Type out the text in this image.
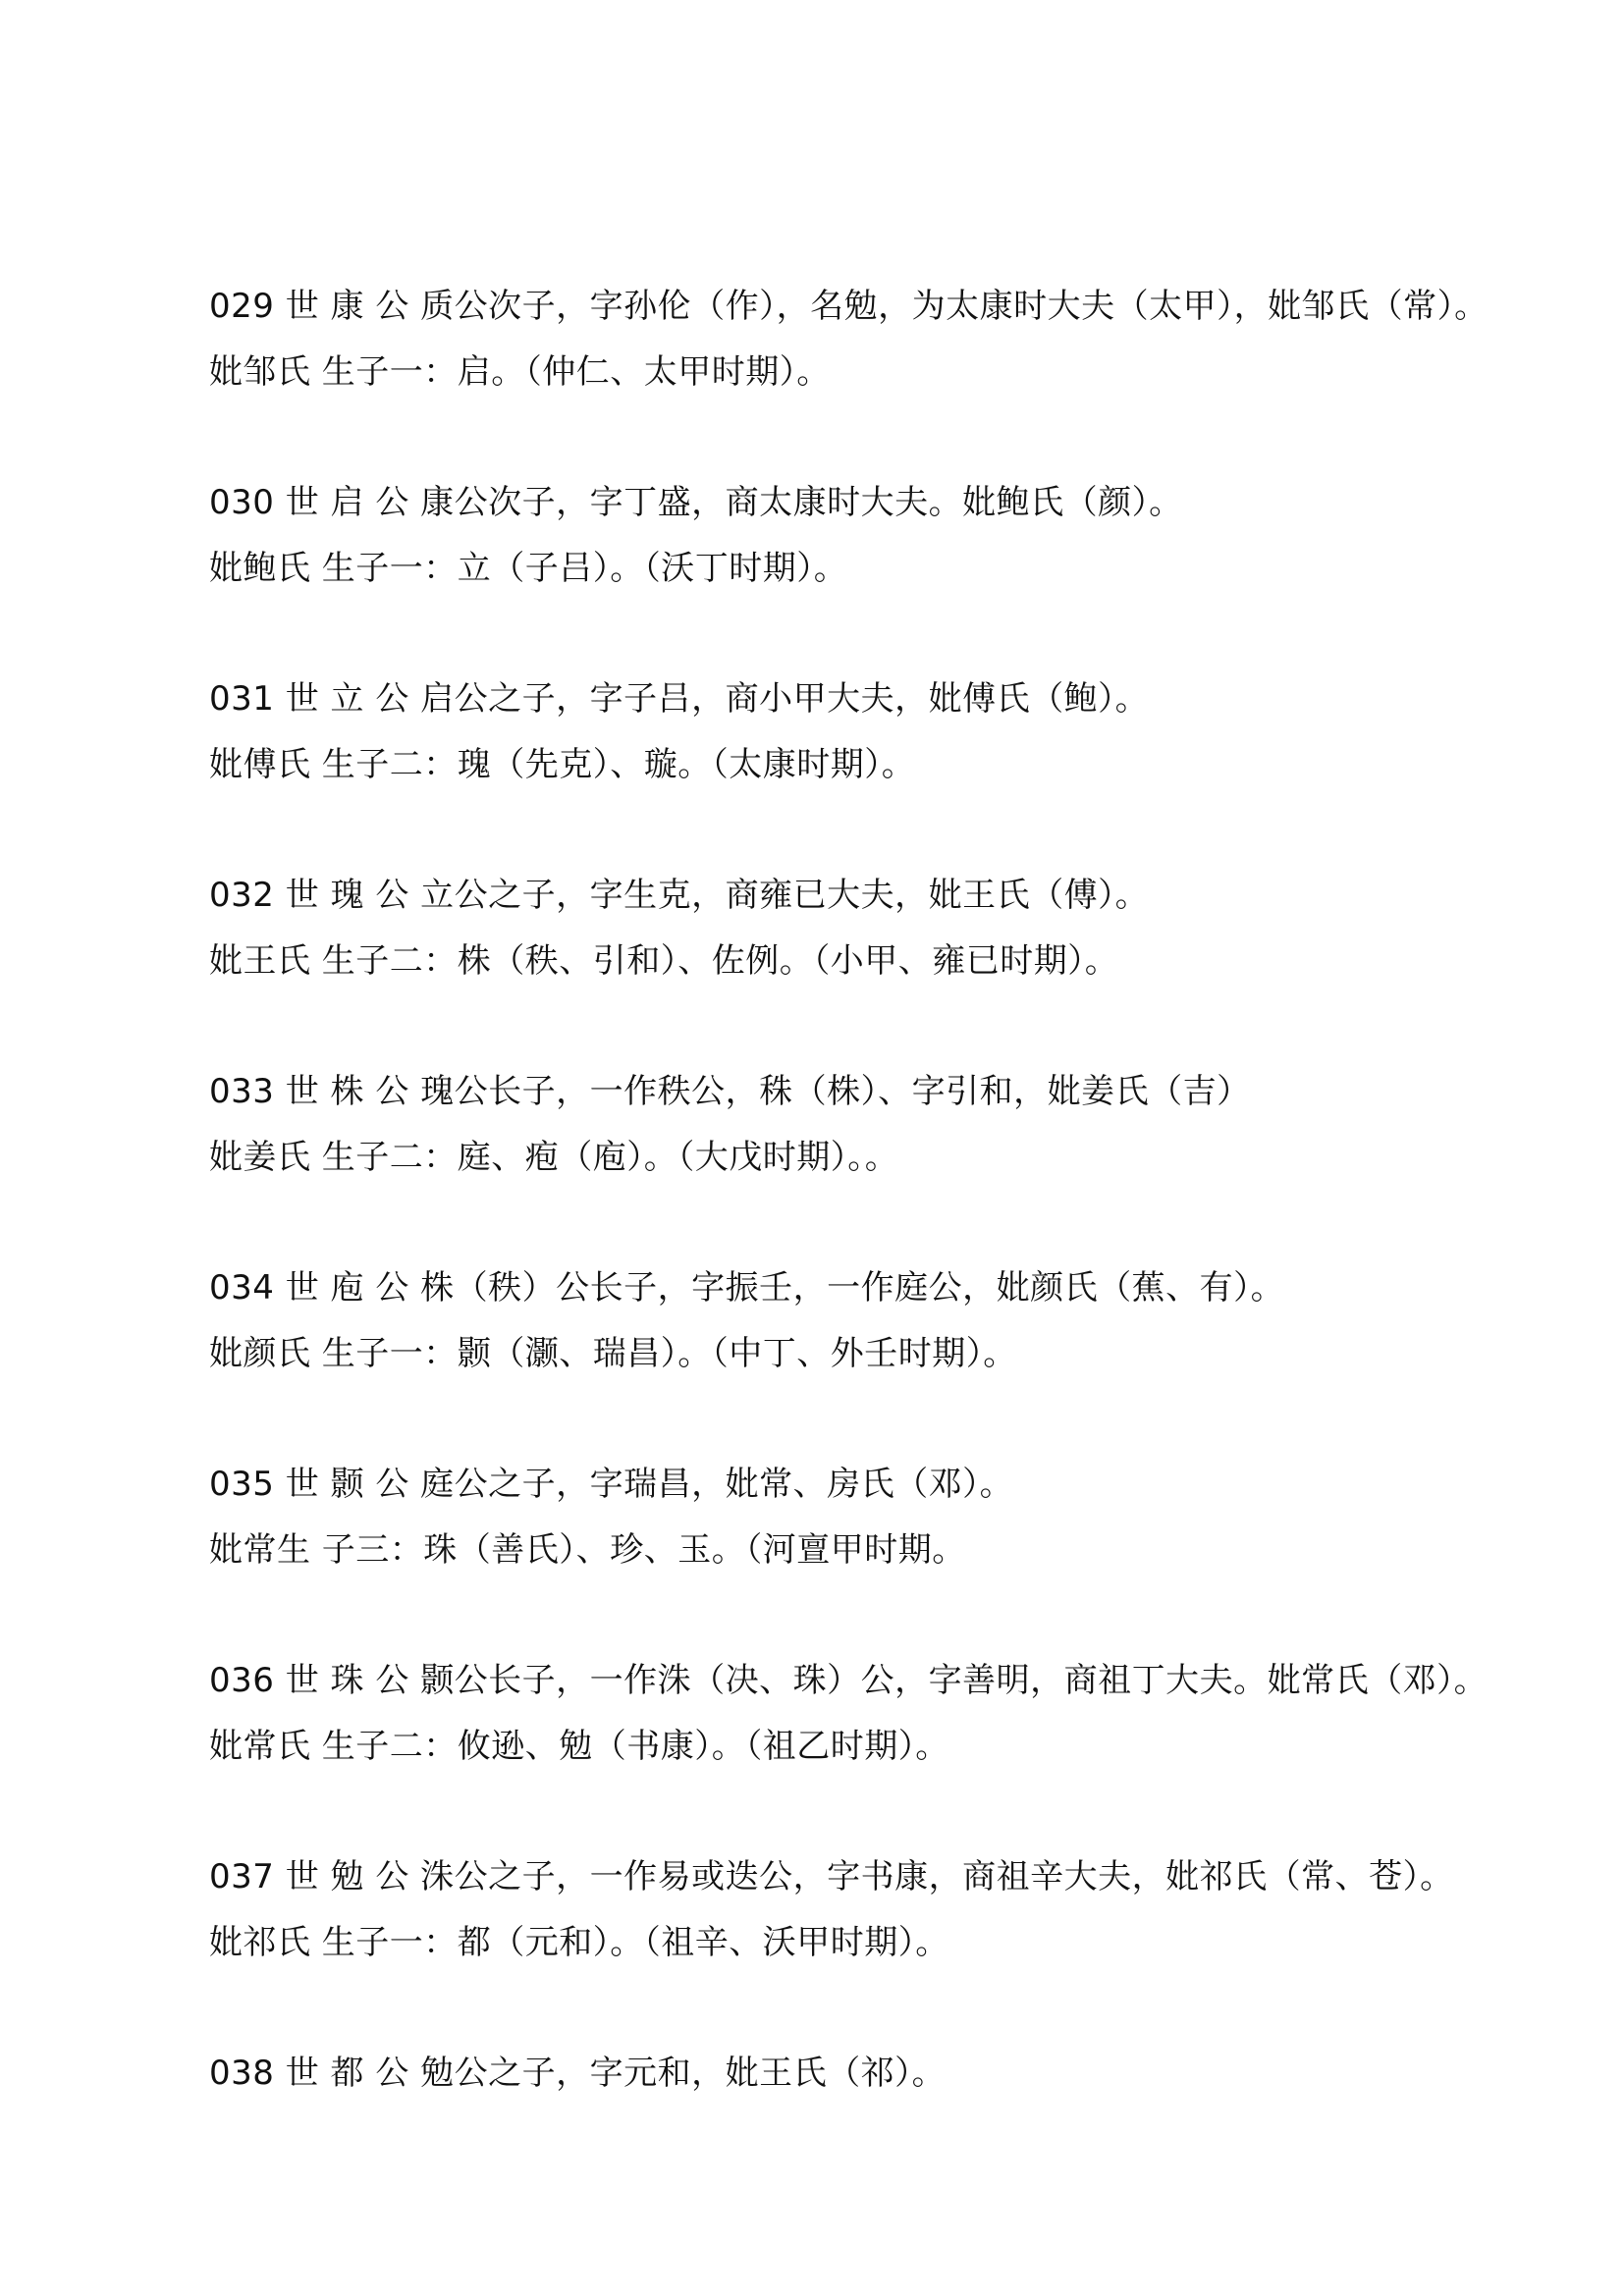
029 世 康 公 质公次子，字孙伦（作），名勉，为太康时大夫（太甲），妣邹氏（常）。
妣邹氏 生子一：启。（仲仁、太甲时期）。
030 世 启 公 康公次子，字丁盛，商太康时大夫。妣鲍氏（颜）。
妣鲍氏 生子一：立（子吕）。（沃丁时期）。
031 世 立 公 启公之子，字子吕，商小甲大夫，妣傅氏（鲍）。
妣傅氏 生子二：瑰（先克）、璇。（太康时期）。
032 世 瑰 公 立公之子，字生克，商雍已大夫，妣王氏（傅）。
妣王氏 生子二：株（秩、引和）、佐例。（小甲、雍已时期）。
033 世 株 公 瑰公长子，一作秩公，秼（株）、字引和，妣姜氏（吉）
妣姜氏 生子二：庭、疱（庖）。（大戊时期）。。
034 世 庖 公 株（秩）公长子，字振壬，一作庭公，妣颜氏（蕉、有）。
妣颜氏 生子一：颢（灏、瑞昌）。（中丁、外壬时期）。
035 世 颢 公 庭公之子，字瑞昌，妣常、房氏（邓）。
妣常生 子三：珠（善氏）、珍、玉。（河亶甲时期。
036 世 珠 公 颢公长子，一作洙（决、珠）公，字善明，商祖丁大夫。妣常氏（邓）。
妣常氏 生子二：攸逊、勉（书康）。（祖乙时期）。
037 世 勉 公 洙公之子，一作易或迭公，字书康，商祖辛大夫，妣祁氏（常、苍）。
妣祁氏 生子一：都（元和）。（祖辛、沃甲时期）。
038 世 都 公 勉公之子，字元和，妣王氏（祁）。
